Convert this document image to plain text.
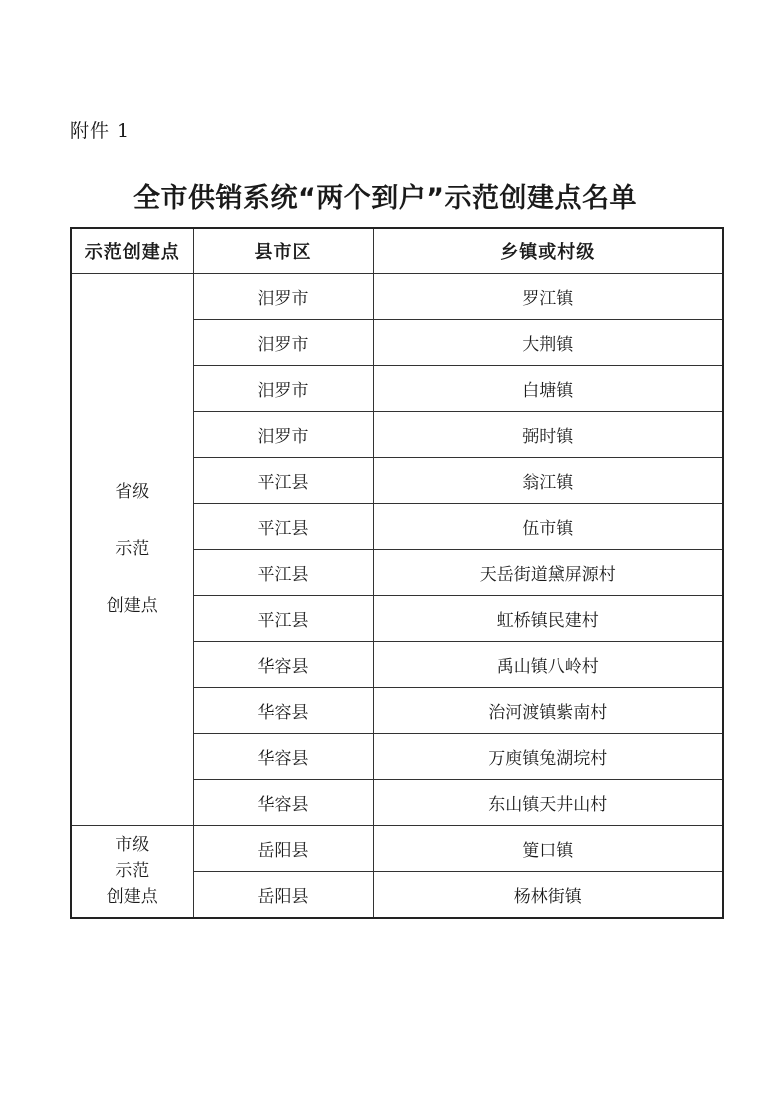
附件 1
全市供销系统“两个到户”示范创建点名单
示范创建点	县市区	乡镇或村级

省级
示范
创建点	汨罗市	罗江镇
	汨罗市	大荆镇
	汨罗市	白塘镇
	汨罗市	弼时镇
	平江县	翁江镇
	平江县	伍市镇
	平江县	天岳街道黛屏源村
	平江县	虹桥镇民建村
	华容县	禹山镇八岭村
	华容县	治河渡镇紫南村
	华容县	万庾镇兔湖垸村
	华容县	东山镇天井山村

市级
示范
创建点	岳阳县	筻口镇
	岳阳县	杨林街镇
